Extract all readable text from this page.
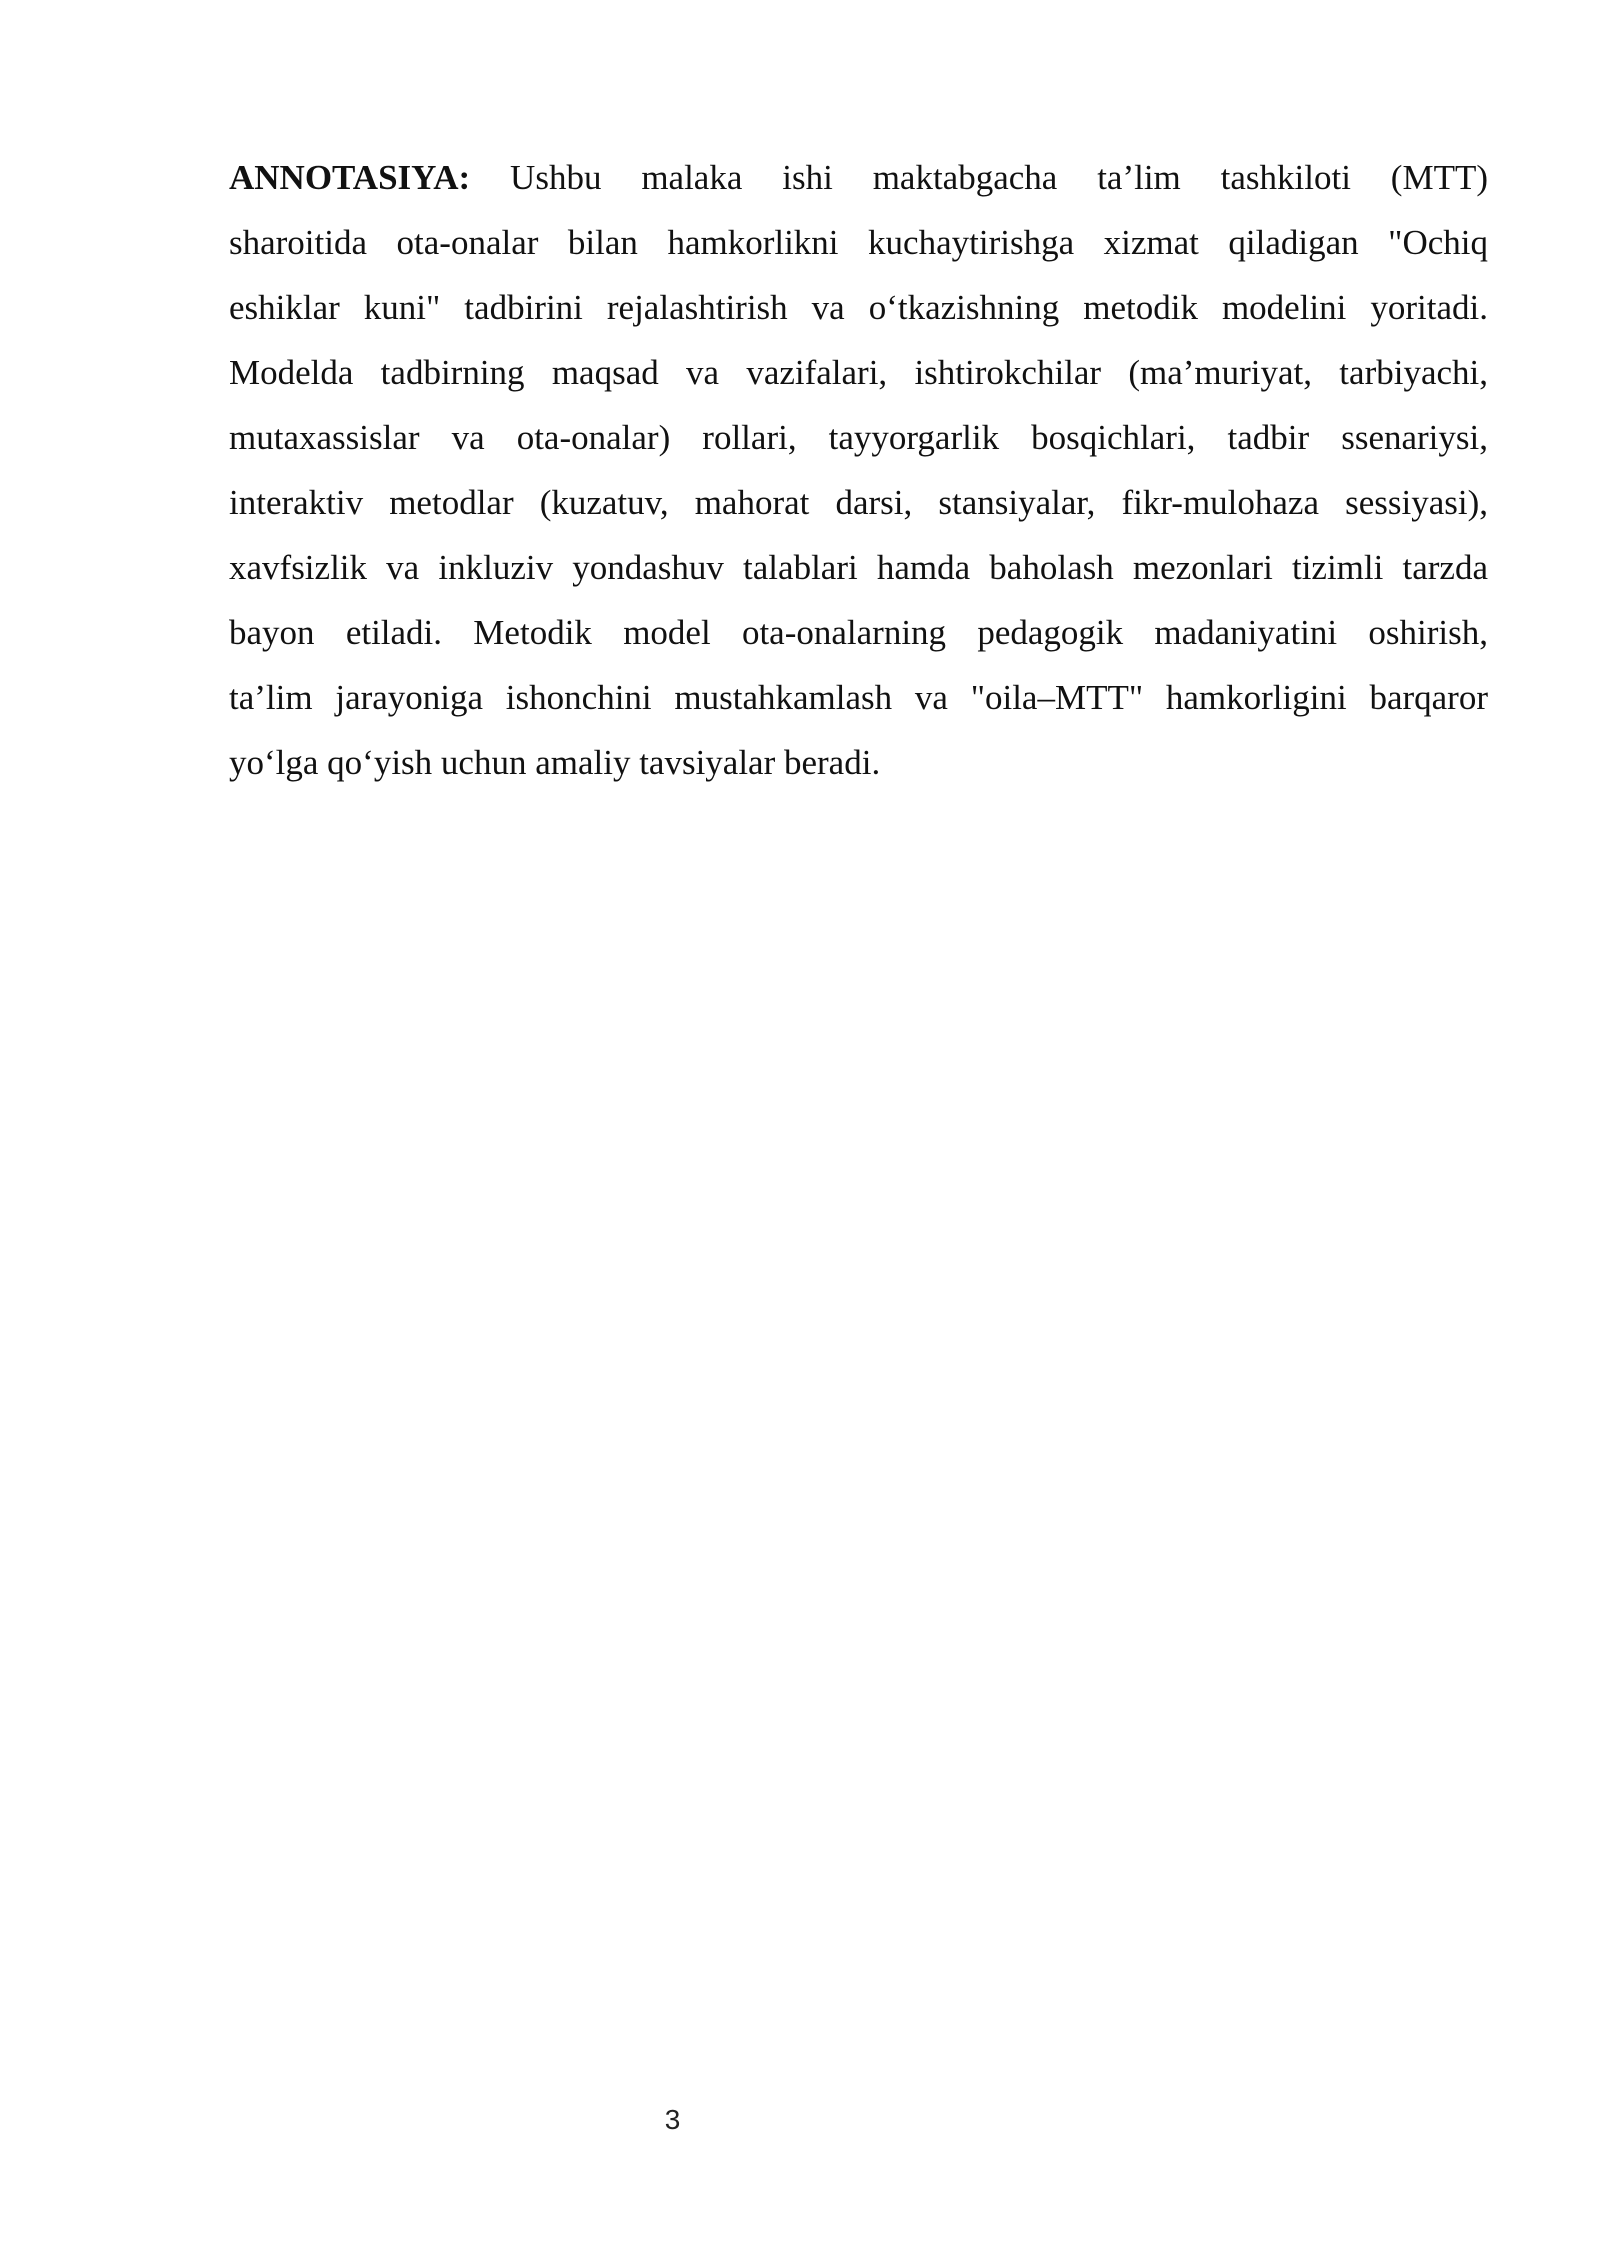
ANNOTASIYA: Ushbu malaka ishi maktabgacha ta’lim tashkiloti (MTT)
sharoitida ota-onalar bilan hamkorlikni kuchaytirishga xizmat qiladigan "Ochiq
eshiklar kuni" tadbirini rejalashtirish va o‘tkazishning metodik modelini yoritadi.
Modelda tadbirning maqsad va vazifalari, ishtirokchilar (ma’muriyat, tarbiyachi,
mutaxassislar va ota-onalar) rollari, tayyorgarlik bosqichlari, tadbir ssenariysi,
interaktiv metodlar (kuzatuv, mahorat darsi, stansiyalar, fikr-mulohaza sessiyasi),
xavfsizlik va inkluziv yondashuv talablari hamda baholash mezonlari tizimli tarzda
bayon etiladi. Metodik model ota-onalarning pedagogik madaniyatini oshirish,
ta’lim jarayoniga ishonchini mustahkamlash va "oila–MTT" hamkorligini barqaror
yo‘lga qo‘yish uchun amaliy tavsiyalar beradi.
3
